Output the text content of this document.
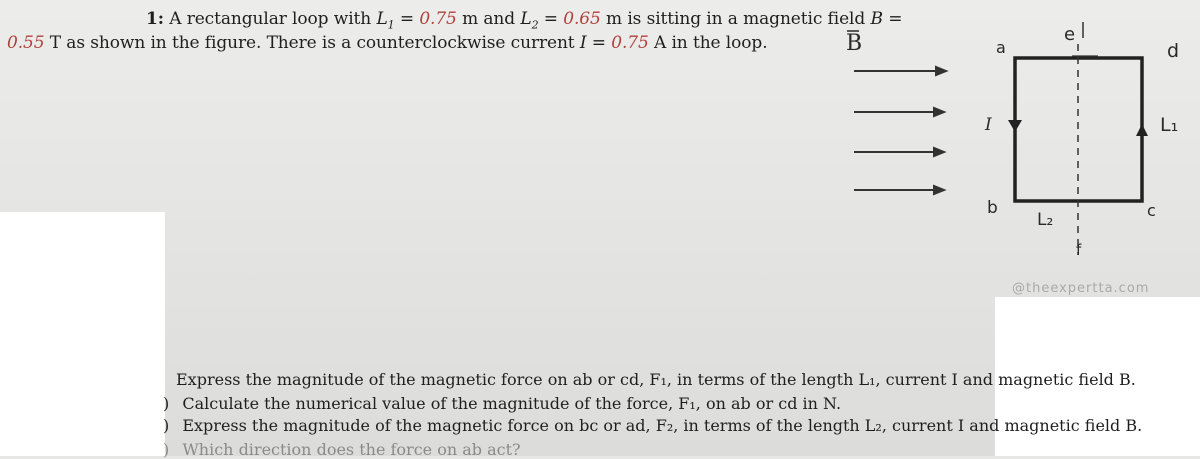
1: A rectangular loop with $L_1 = 0.75$ m and $L_2 = 0.65$ m is sitting in a magnetic field B =
0.55 T as shown in the figure. There is a counterclockwise current I = 0.75 A in the loop.	B	a
b	c
d
I	L₁
L₂
e
f
@theexpertta.com
Express the magnitude of the magnetic force on ab or cd, F₁, in terms of the length L₁, current I and magnetic field B.
) Calculate the numerical value of the magnitude of the force, F₁, on ab or cd in N.
) Express the magnitude of the magnetic force on bc or ad, F₂, in terms of the length L₂, current I and magnetic field B.
) Which direction does the force on ab act?
